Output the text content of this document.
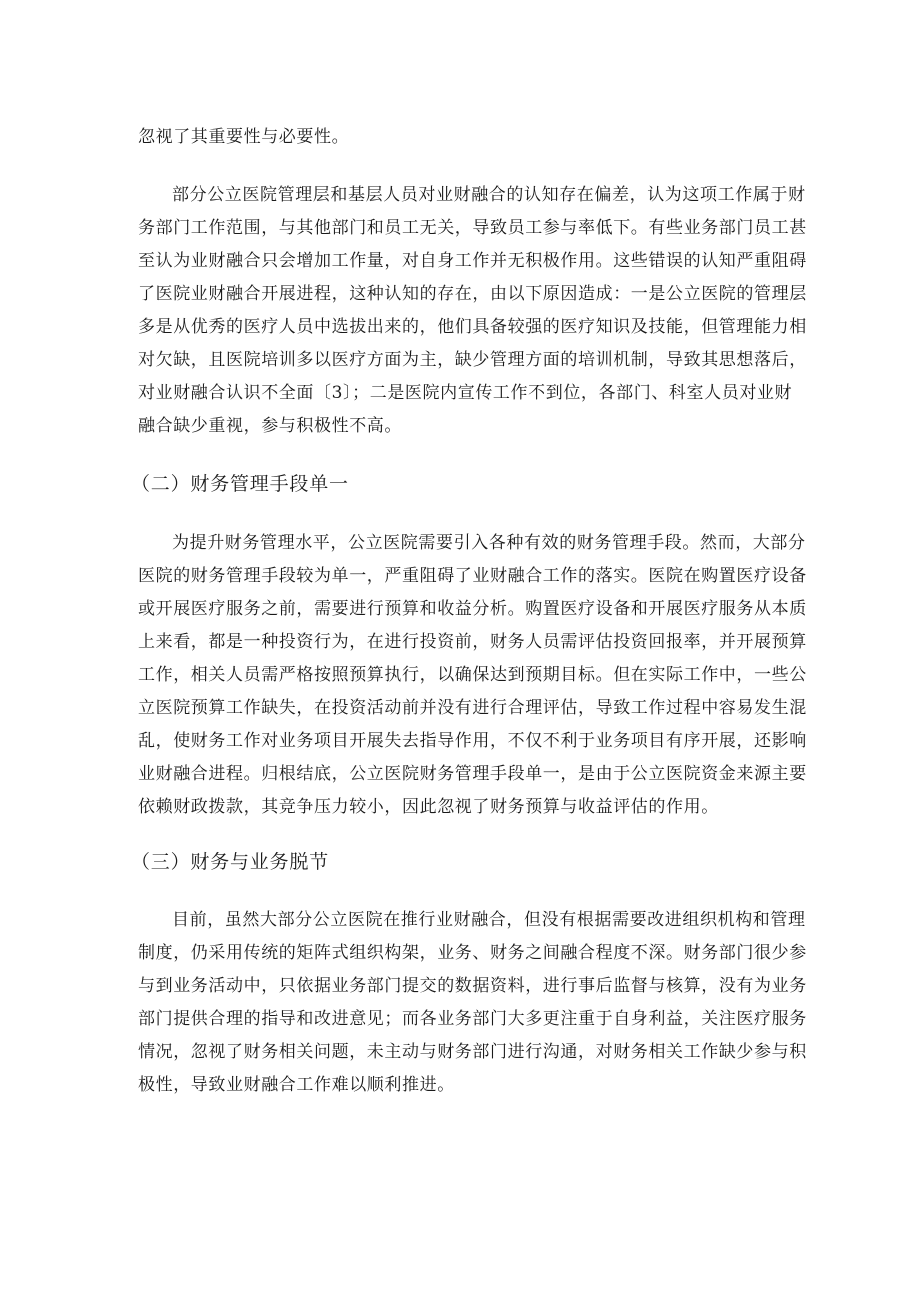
忽视了其重要性与必要性。
部分公立医院管理层和基层人员对业财融合的认知存在偏差，认为这项工作属于财
务部门工作范围，与其他部门和员工无关，导致员工参与率低下。有些业务部门员工甚
至认为业财融合只会增加工作量，对自身工作并无积极作用。这些错误的认知严重阻碍
了医院业财融合开展进程，这种认知的存在，由以下原因造成：一是公立医院的管理层
多是从优秀的医疗人员中选拔出来的，他们具备较强的医疗知识及技能，但管理能力相
对欠缺，且医院培训多以医疗方面为主，缺少管理方面的培训机制，导致其思想落后，
对业财融合认识不全面〔3〕；二是医院内宣传工作不到位，各部门、科室人员对业财
融合缺少重视，参与积极性不高。
（二）财务管理手段单一
为提升财务管理水平，公立医院需要引入各种有效的财务管理手段。然而，大部分
医院的财务管理手段较为单一，严重阻碍了业财融合工作的落实。医院在购置医疗设备
或开展医疗服务之前，需要进行预算和收益分析。购置医疗设备和开展医疗服务从本质
上来看，都是一种投资行为，在进行投资前，财务人员需评估投资回报率，并开展预算
工作，相关人员需严格按照预算执行，以确保达到预期目标。但在实际工作中，一些公
立医院预算工作缺失，在投资活动前并没有进行合理评估，导致工作过程中容易发生混
乱，使财务工作对业务项目开展失去指导作用，不仅不利于业务项目有序开展，还影响
业财融合进程。归根结底，公立医院财务管理手段单一，是由于公立医院资金来源主要
依赖财政拨款，其竞争压力较小，因此忽视了财务预算与收益评估的作用。
（三）财务与业务脱节
目前，虽然大部分公立医院在推行业财融合，但没有根据需要改进组织机构和管理
制度，仍采用传统的矩阵式组织构架，业务、财务之间融合程度不深。财务部门很少参
与到业务活动中，只依据业务部门提交的数据资料，进行事后监督与核算，没有为业务
部门提供合理的指导和改进意见；而各业务部门大多更注重于自身利益，关注医疗服务
情况，忽视了财务相关问题，未主动与财务部门进行沟通，对财务相关工作缺少参与积
极性，导致业财融合工作难以顺利推进。
